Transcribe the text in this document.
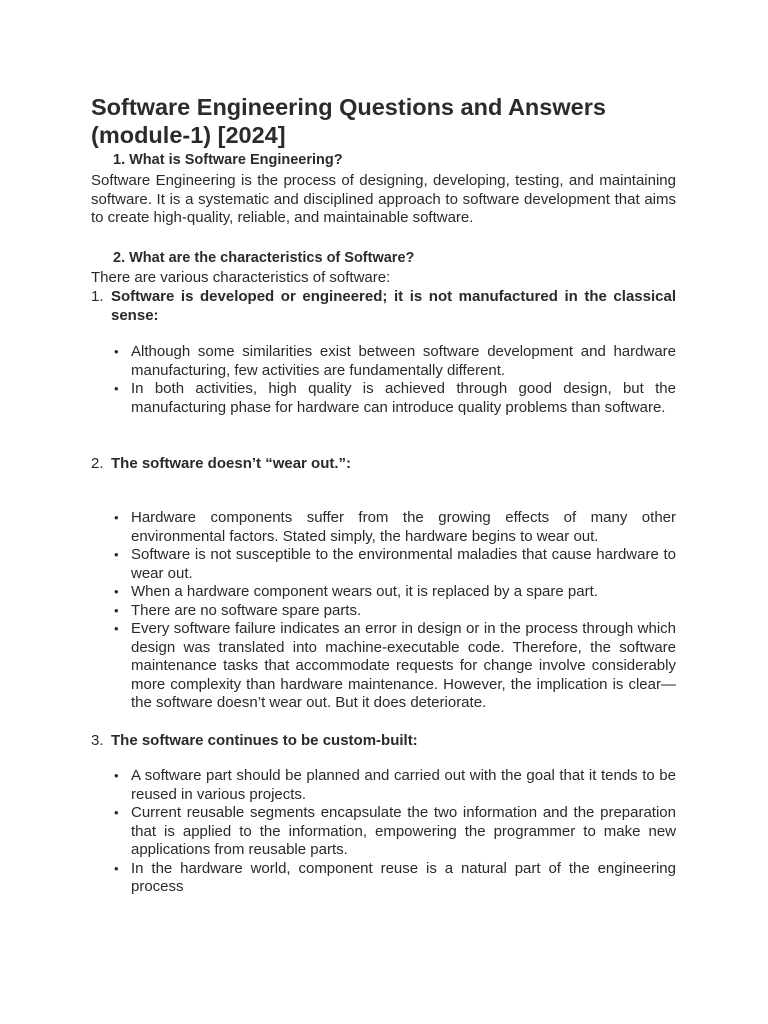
Software Engineering Questions and Answers (module-1) [2024]
1. What is Software Engineering?
Software Engineering is the process of designing, developing, testing, and maintaining software. It is a systematic and disciplined approach to software development that aims to create high-quality, reliable, and maintainable software.
2. What are the characteristics of Software?
There are various characteristics of software:
1. Software is developed or engineered; it is not manufactured in the classical sense:
• Although some similarities exist between software development and hardware manufacturing, few activities are fundamentally different.
• In both activities, high quality is achieved through good design, but the manufacturing phase for hardware can introduce quality problems than software.
2. The software doesn’t “wear out.”:
• Hardware components suffer from the growing effects of many other environmental factors. Stated simply, the hardware begins to wear out.
• Software is not susceptible to the environmental maladies that cause hardware to wear out.
• When a hardware component wears out, it is replaced by a spare part.
• There are no software spare parts.
• Every software failure indicates an error in design or in the process through which design was translated into machine-executable code. Therefore, the software maintenance tasks that accommodate requests for change involve considerably more complexity than hardware maintenance. However, the implication is clear—the software doesn’t wear out. But it does deteriorate.
3. The software continues to be custom-built:
• A software part should be planned and carried out with the goal that it tends to be reused in various projects.
• Current reusable segments encapsulate the two information and the preparation that is applied to the information, empowering the programmer to make new applications from reusable parts.
• In the hardware world, component reuse is a natural part of the engineering process
